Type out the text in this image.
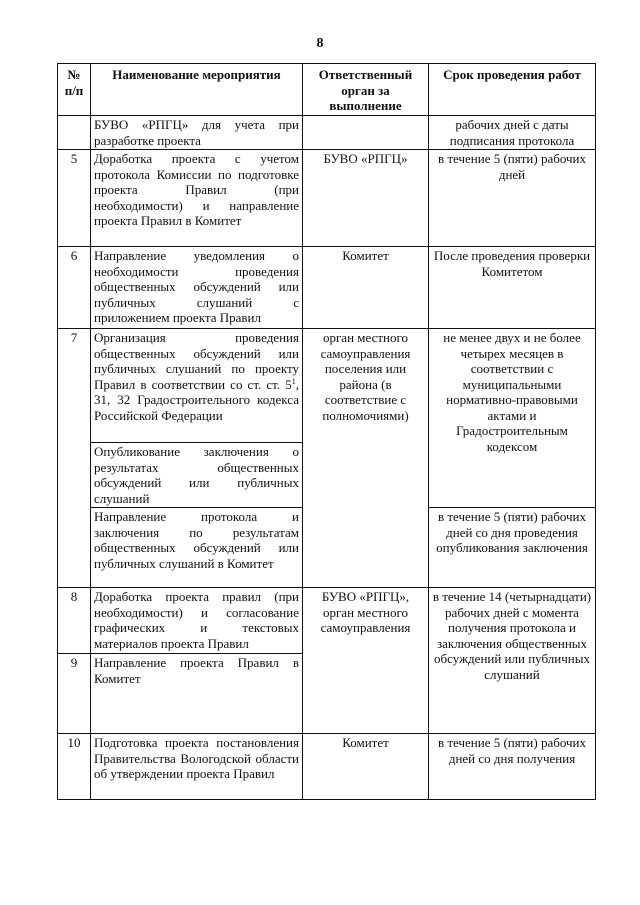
8
№ п/п	Наименование мероприятия	Ответственный орган за выполнение	Срок проведения работ
	БУВО «РПГЦ» для учета при разработке проекта		рабочих дней с даты подписания протокола
5	Доработка проекта с учетом протокола Комиссии по подготовке проекта Правил (при необходимости) и направление проекта Правил в Комитет	БУВО «РПГЦ»	в течение 5 (пяти) рабочих дней
6	Направление уведомления о необходимости проведения общественных обсуждений или публичных слушаний с приложением проекта Правил	Комитет	После проведения проверки Комитетом
7	Организация проведения общественных обсуждений или публичных слушаний по проекту Правил в соответствии со ст. ст. $5^1$, 31, 32 Градостроительного кодекса Российской Федерации	орган местного самоуправления поселения или района (в соответствие с полномочиями)	не менее двух и не более четырех месяцев в соответствии с муниципальными нормативно-правовыми актами и Градостроительным кодексом
	Опубликование заключения о результатах общественных обсуждений или публичных слушаний		
	Направление протокола и заключения по результатам общественных обсуждений или публичных слушаний в Комитет		в течение 5 (пяти) рабочих дней со дня проведения опубликования заключения
8	Доработка проекта правил (при необходимости) и согласование графических и текстовых материалов проекта Правил	БУВО «РПГЦ», орган местного самоуправления	в течение 14 (четырнадцати) рабочих дней с момента получения протокола и заключения общественных обсуждений или публичных слушаний
9	Направление проекта Правил в Комитет		
10	Подготовка проекта постановления Правительства Вологодской области об утверждении проекта Правил	Комитет	в течение 5 (пяти) рабочих дней со дня получения
